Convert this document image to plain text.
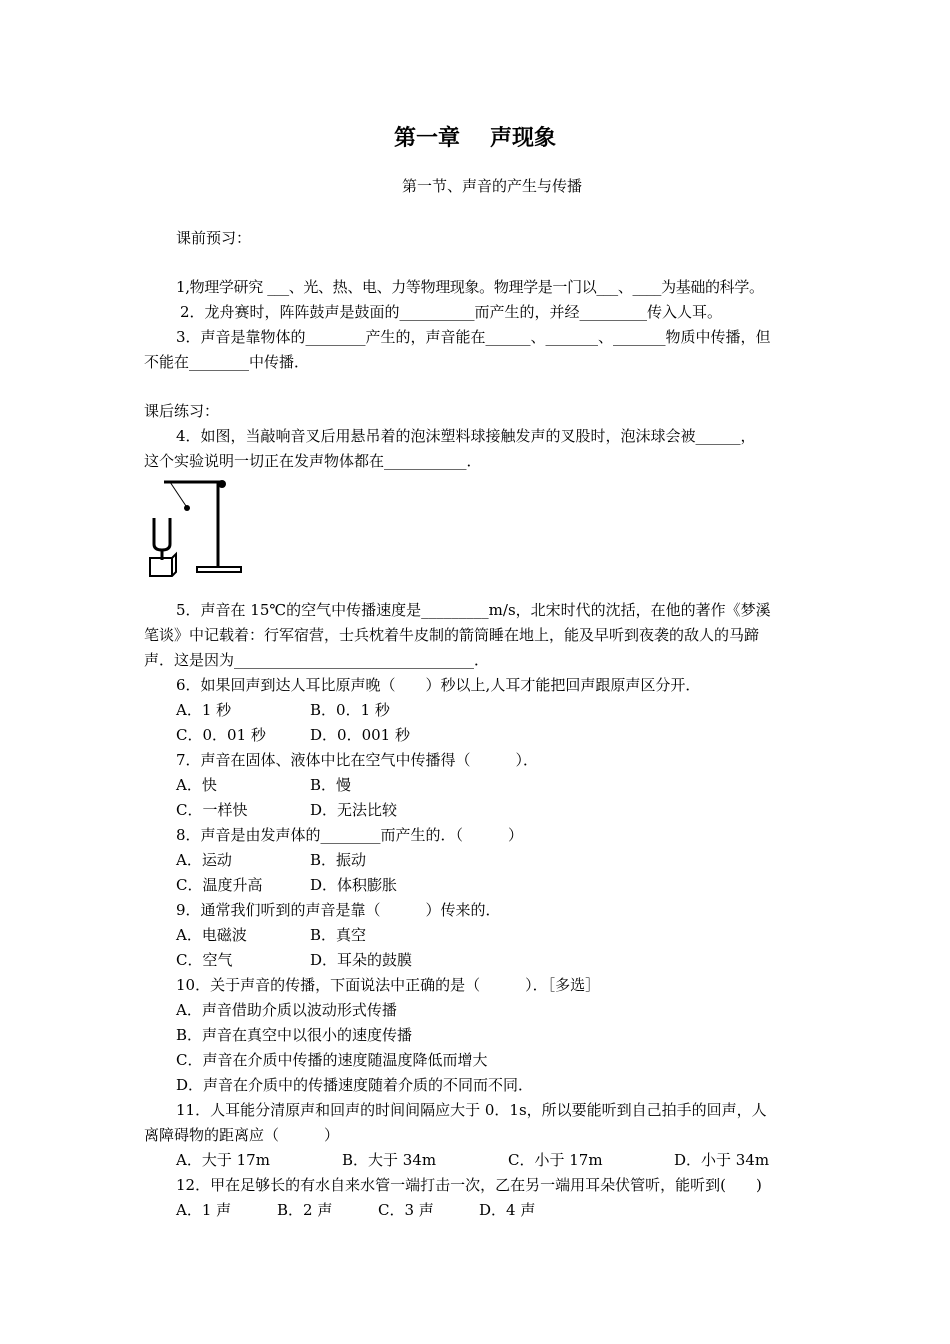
第一章 声现象
第一节、声音的产生与传播
课前预习：
1,物理学研究 ___、光、热、电、力等物理现象。物理学是一门以___、____为基础的科学。
2．龙舟赛时，阵阵鼓声是鼓面的__________而产生的，并经_________传入人耳。
3．声音是靠物体的________产生的，声音能在______、_______、_______物质中传播，但
不能在________中传播．
课后练习：
4．如图，当敲响音叉后用悬吊着的泡沫塑料球接触发声的叉股时，泡沫球会被______，
这个实验说明一切正在发声物体都在___________．
5．声音在 15℃的空气中传播速度是_________m/s，北宋时代的沈括，在他的著作《梦溪
笔谈》中记载着：行军宿营，士兵枕着牛皮制的箭筒睡在地上，能及早听到夜袭的敌人的马蹄
声．这是因为________________________________．
6．如果回声到达人耳比原声晚（　　）秒以上,人耳才能把回声跟原声区分开．
A．1 秒	B．0．1 秒
C．0．01 秒	D．0．001 秒
7．声音在固体、液体中比在空气中传播得（　　　）．
A．快	B．慢
C．一样快	D．无法比较
8．声音是由发声体的________而产生的．（　　　）
A．运动	B．振动
C．温度升高	D．体积膨胀
9．通常我们听到的声音是靠（　　　）传来的．
A．电磁波	B．真空
C．空气	D．耳朵的鼓膜
10．关于声音的传播，下面说法中正确的是（　　　）．［多选］
A．声音借助介质以波动形式传播
B．声音在真空中以很小的速度传播
C．声音在介质中传播的速度随温度降低而增大
D．声音在介质中的传播速度随着介质的不同而不同．
11．人耳能分清原声和回声的时间间隔应大于 0．1s，所以要能听到自己拍手的回声，人
离障碍物的距离应（　　　）
A．大于 17m	B．大于 34m	C．小于 17m	D．小于 34m
12．甲在足够长的有水自来水管一端打击一次，乙在另一端用耳朵伏管听，能听到(　　)
A．1 声	B．2 声	C．3 声	D．4 声
